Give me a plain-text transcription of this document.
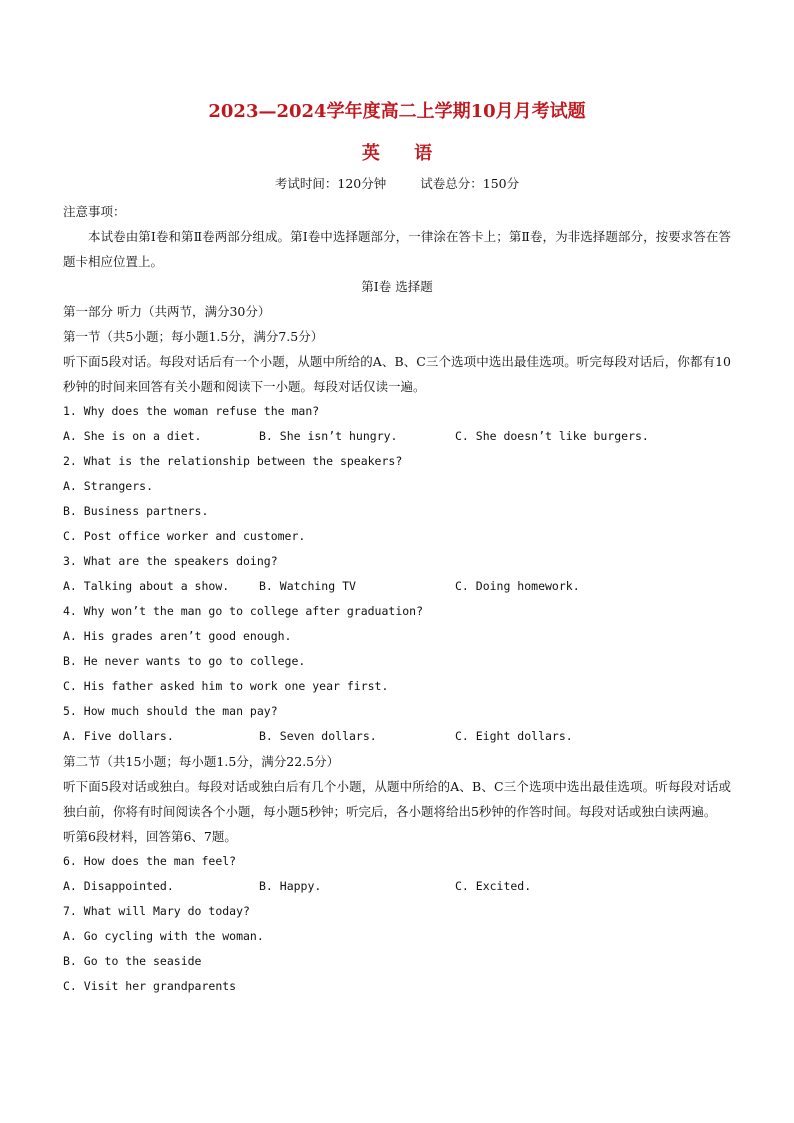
2023—2024学年度高二上学期10月月考试题
英 语
考试时间：120分钟	试卷总分：150分
注意事项：
本试卷由第Ⅰ卷和第Ⅱ卷两部分组成。第Ⅰ卷中选择题部分，一律涂在答卡上；第Ⅱ卷，为非选择题部分，按要求答在答题卡相应位置上。
第Ⅰ卷 选择题
第一部分 听力（共两节，满分30分）
第一节（共5小题；每小题1.5分，满分7.5分）
听下面5段对话。每段对话后有一个小题，从题中所给的A、B、C三个选项中选出最佳选项。听完每段对话后，你都有10秒钟的时间来回答有关小题和阅读下一小题。每段对话仅读一遍。
1. Why does the woman refuse the man?
A. She is on a diet.	B. She isn’t hungry.	C. She doesn’t like burgers.
2. What is the relationship between the speakers?
A. Strangers.
B. Business partners.
C. Post office worker and customer.
3. What are the speakers doing?
A. Talking about a show.	B. Watching TV	C. Doing homework.
4. Why won’t the man go to college after graduation?
A. His grades aren’t good enough.
B. He never wants to go to college.
C. His father asked him to work one year first.
5. How much should the man pay?
A. Five dollars.	B. Seven dollars.	C. Eight dollars.
第二节（共15小题；每小题1.5分，满分22.5分）
听下面5段对话或独白。每段对话或独白后有几个小题，从题中所给的A、B、C三个选项中选出最佳选项。听每段对话或独白前，你将有时间阅读各个小题，每小题5秒钟；听完后，各小题将给出5秒钟的作答时间。每段对话或独白读两遍。
听第6段材料，回答第6、7题。
6. How does the man feel?
A. Disappointed.	B. Happy.	C. Excited.
7. What will Mary do today?
A. Go cycling with the woman.
B. Go to the seaside
C. Visit her grandparents
